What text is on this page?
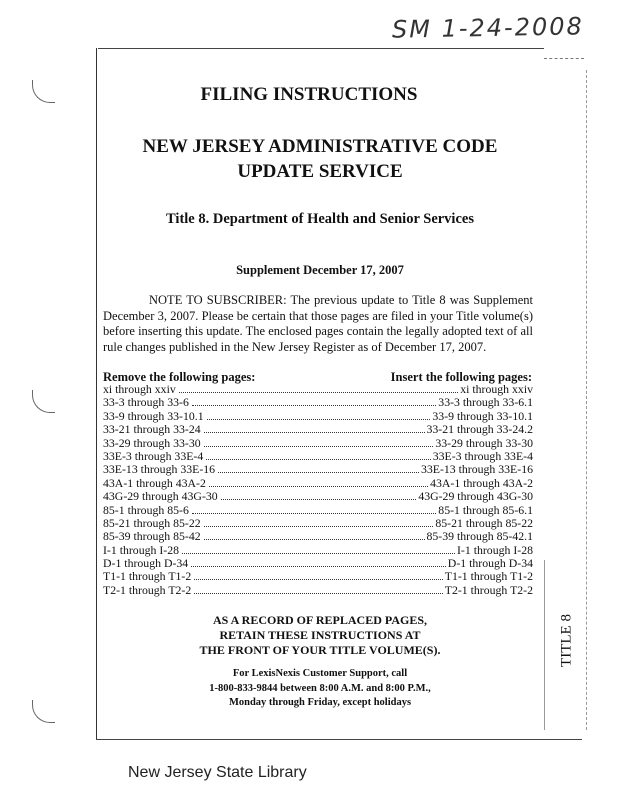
SM 1-24-2008
FILING INSTRUCTIONS
NEW JERSEY ADMINISTRATIVE CODE
UPDATE SERVICE
Title 8. Department of Health and Senior Services
Supplement December 17, 2007
NOTE TO SUBSCRIBER: The previous update to Title 8 was Supplement December 3, 2007. Please be certain that those pages are filed in your Title volume(s) before inserting this update. The enclosed pages contain the legally adopted text of all rule changes published in the New Jersey Register as of December 17, 2007.
Remove the following pages:	Insert the following pages:
xi through xxiv	xi through xxiv
33-3 through 33-6	33-3 through 33-6.1
33-9 through 33-10.1	33-9 through 33-10.1
33-21 through 33-24	33-21 through 33-24.2
33-29 through 33-30	33-29 through 33-30
33E-3 through 33E-4	33E-3 through 33E-4
33E-13 through 33E-16	33E-13 through 33E-16
43A-1 through 43A-2	43A-1 through 43A-2
43G-29 through 43G-30	43G-29 through 43G-30
85-1 through 85-6	85-1 through 85-6.1
85-21 through 85-22	85-21 through 85-22
85-39 through 85-42	85-39 through 85-42.1
I-1 through I-28	I-1 through I-28
D-1 through D-34	D-1 through D-34
T1-1 through T1-2	T1-1 through T1-2
T2-1 through T2-2	T2-1 through T2-2
AS A RECORD OF REPLACED PAGES,
RETAIN THESE INSTRUCTIONS AT
THE FRONT OF YOUR TITLE VOLUME(S).
For LexisNexis Customer Support, call
1-800-833-9844 between 8:00 A.M. and 8:00 P.M.,
Monday through Friday, except holidays
TITLE 8
New Jersey State Library
